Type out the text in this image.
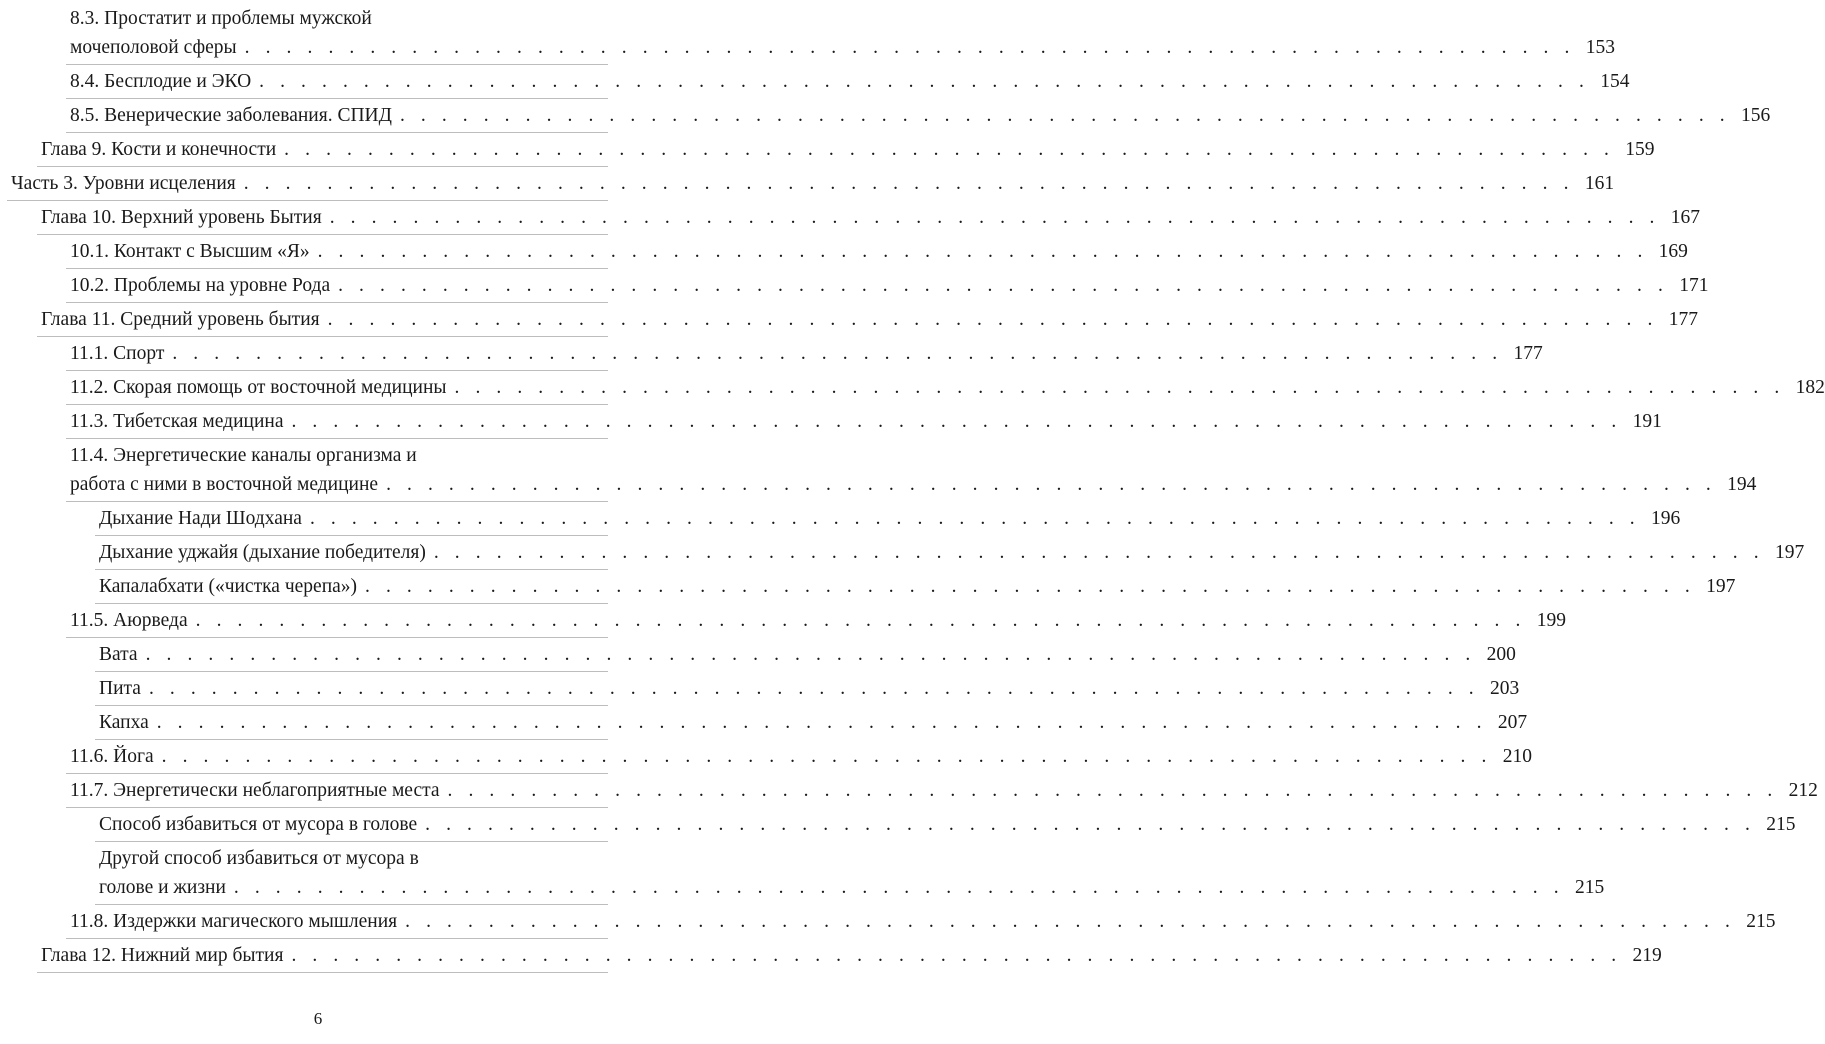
8.3. Простатит и проблемы мужской
мочеполовой сферы . . . . . . . . . . . . . . . . . . . . . . . . . . . . . . . . . . . . . . . . . . . . . . . . . . . . . . . . . . . . . . . . 153
8.4. Бесплодие и ЭКО . . . . . . . . . . . . . . . . . . . . . . . . . . . . . . . . . . . . . . . . . . . . . . . . . . . . . . . . . . . . . . . . 154
8.5. Венерические заболевания. СПИД . . . . . . . . . . . . . . . . . . . . . . . . . . . . . . . . . . . . . . . . . . . . . . . . . . . . . . . . . . . . . . . . 156
Глава 9. Кости и конечности . . . . . . . . . . . . . . . . . . . . . . . . . . . . . . . . . . . . . . . . . . . . . . . . . . . . . . . . . . . . . . . . 159
Часть 3. Уровни исцеления . . . . . . . . . . . . . . . . . . . . . . . . . . . . . . . . . . . . . . . . . . . . . . . . . . . . . . . . . . . . . . . . 161
Глава 10. Верхний уровень Бытия . . . . . . . . . . . . . . . . . . . . . . . . . . . . . . . . . . . . . . . . . . . . . . . . . . . . . . . . . . . . . . . . 167
10.1. Контакт с Высшим «Я» . . . . . . . . . . . . . . . . . . . . . . . . . . . . . . . . . . . . . . . . . . . . . . . . . . . . . . . . . . . . . . . . 169
10.2. Проблемы на уровне Рода . . . . . . . . . . . . . . . . . . . . . . . . . . . . . . . . . . . . . . . . . . . . . . . . . . . . . . . . . . . . . . . . 171
Глава 11. Средний уровень бытия . . . . . . . . . . . . . . . . . . . . . . . . . . . . . . . . . . . . . . . . . . . . . . . . . . . . . . . . . . . . . . . . 177
11.1. Спорт . . . . . . . . . . . . . . . . . . . . . . . . . . . . . . . . . . . . . . . . . . . . . . . . . . . . . . . . . . . . . . . . 177
11.2. Скорая помощь от восточной медицины . . . . . . . . . . . . . . . . . . . . . . . . . . . . . . . . . . . . . . . . . . . . . . . . . . . . . . . . . . . . . . . . 182
11.3. Тибетская медицина . . . . . . . . . . . . . . . . . . . . . . . . . . . . . . . . . . . . . . . . . . . . . . . . . . . . . . . . . . . . . . . . 191
11.4. Энергетические каналы организма и
работа с ними в восточной медицине . . . . . . . . . . . . . . . . . . . . . . . . . . . . . . . . . . . . . . . . . . . . . . . . . . . . . . . . . . . . . . . . 194
Дыхание Нади Шодхана . . . . . . . . . . . . . . . . . . . . . . . . . . . . . . . . . . . . . . . . . . . . . . . . . . . . . . . . . . . . . . . . 196
Дыхание уджайя (дыхание победителя) . . . . . . . . . . . . . . . . . . . . . . . . . . . . . . . . . . . . . . . . . . . . . . . . . . . . . . . . . . . . . . . . 197
Капалабхати («чистка черепа») . . . . . . . . . . . . . . . . . . . . . . . . . . . . . . . . . . . . . . . . . . . . . . . . . . . . . . . . . . . . . . . . 197
11.5. Аюрведа . . . . . . . . . . . . . . . . . . . . . . . . . . . . . . . . . . . . . . . . . . . . . . . . . . . . . . . . . . . . . . . . 199
Вата . . . . . . . . . . . . . . . . . . . . . . . . . . . . . . . . . . . . . . . . . . . . . . . . . . . . . . . . . . . . . . . . 200
Пита . . . . . . . . . . . . . . . . . . . . . . . . . . . . . . . . . . . . . . . . . . . . . . . . . . . . . . . . . . . . . . . . 203
Капха . . . . . . . . . . . . . . . . . . . . . . . . . . . . . . . . . . . . . . . . . . . . . . . . . . . . . . . . . . . . . . . . 207
11.6. Йога . . . . . . . . . . . . . . . . . . . . . . . . . . . . . . . . . . . . . . . . . . . . . . . . . . . . . . . . . . . . . . . . 210
11.7. Энергетически неблагоприятные места . . . . . . . . . . . . . . . . . . . . . . . . . . . . . . . . . . . . . . . . . . . . . . . . . . . . . . . . . . . . . . . . 212
Способ избавиться от мусора в голове . . . . . . . . . . . . . . . . . . . . . . . . . . . . . . . . . . . . . . . . . . . . . . . . . . . . . . . . . . . . . . . . 215
Другой способ избавиться от мусора в
голове и жизни . . . . . . . . . . . . . . . . . . . . . . . . . . . . . . . . . . . . . . . . . . . . . . . . . . . . . . . . . . . . . . . . 215
11.8. Издержки магического мышления . . . . . . . . . . . . . . . . . . . . . . . . . . . . . . . . . . . . . . . . . . . . . . . . . . . . . . . . . . . . . . . . 215
Глава 12. Нижний мир бытия . . . . . . . . . . . . . . . . . . . . . . . . . . . . . . . . . . . . . . . . . . . . . . . . . . . . . . . . . . . . . . . . 219
6
